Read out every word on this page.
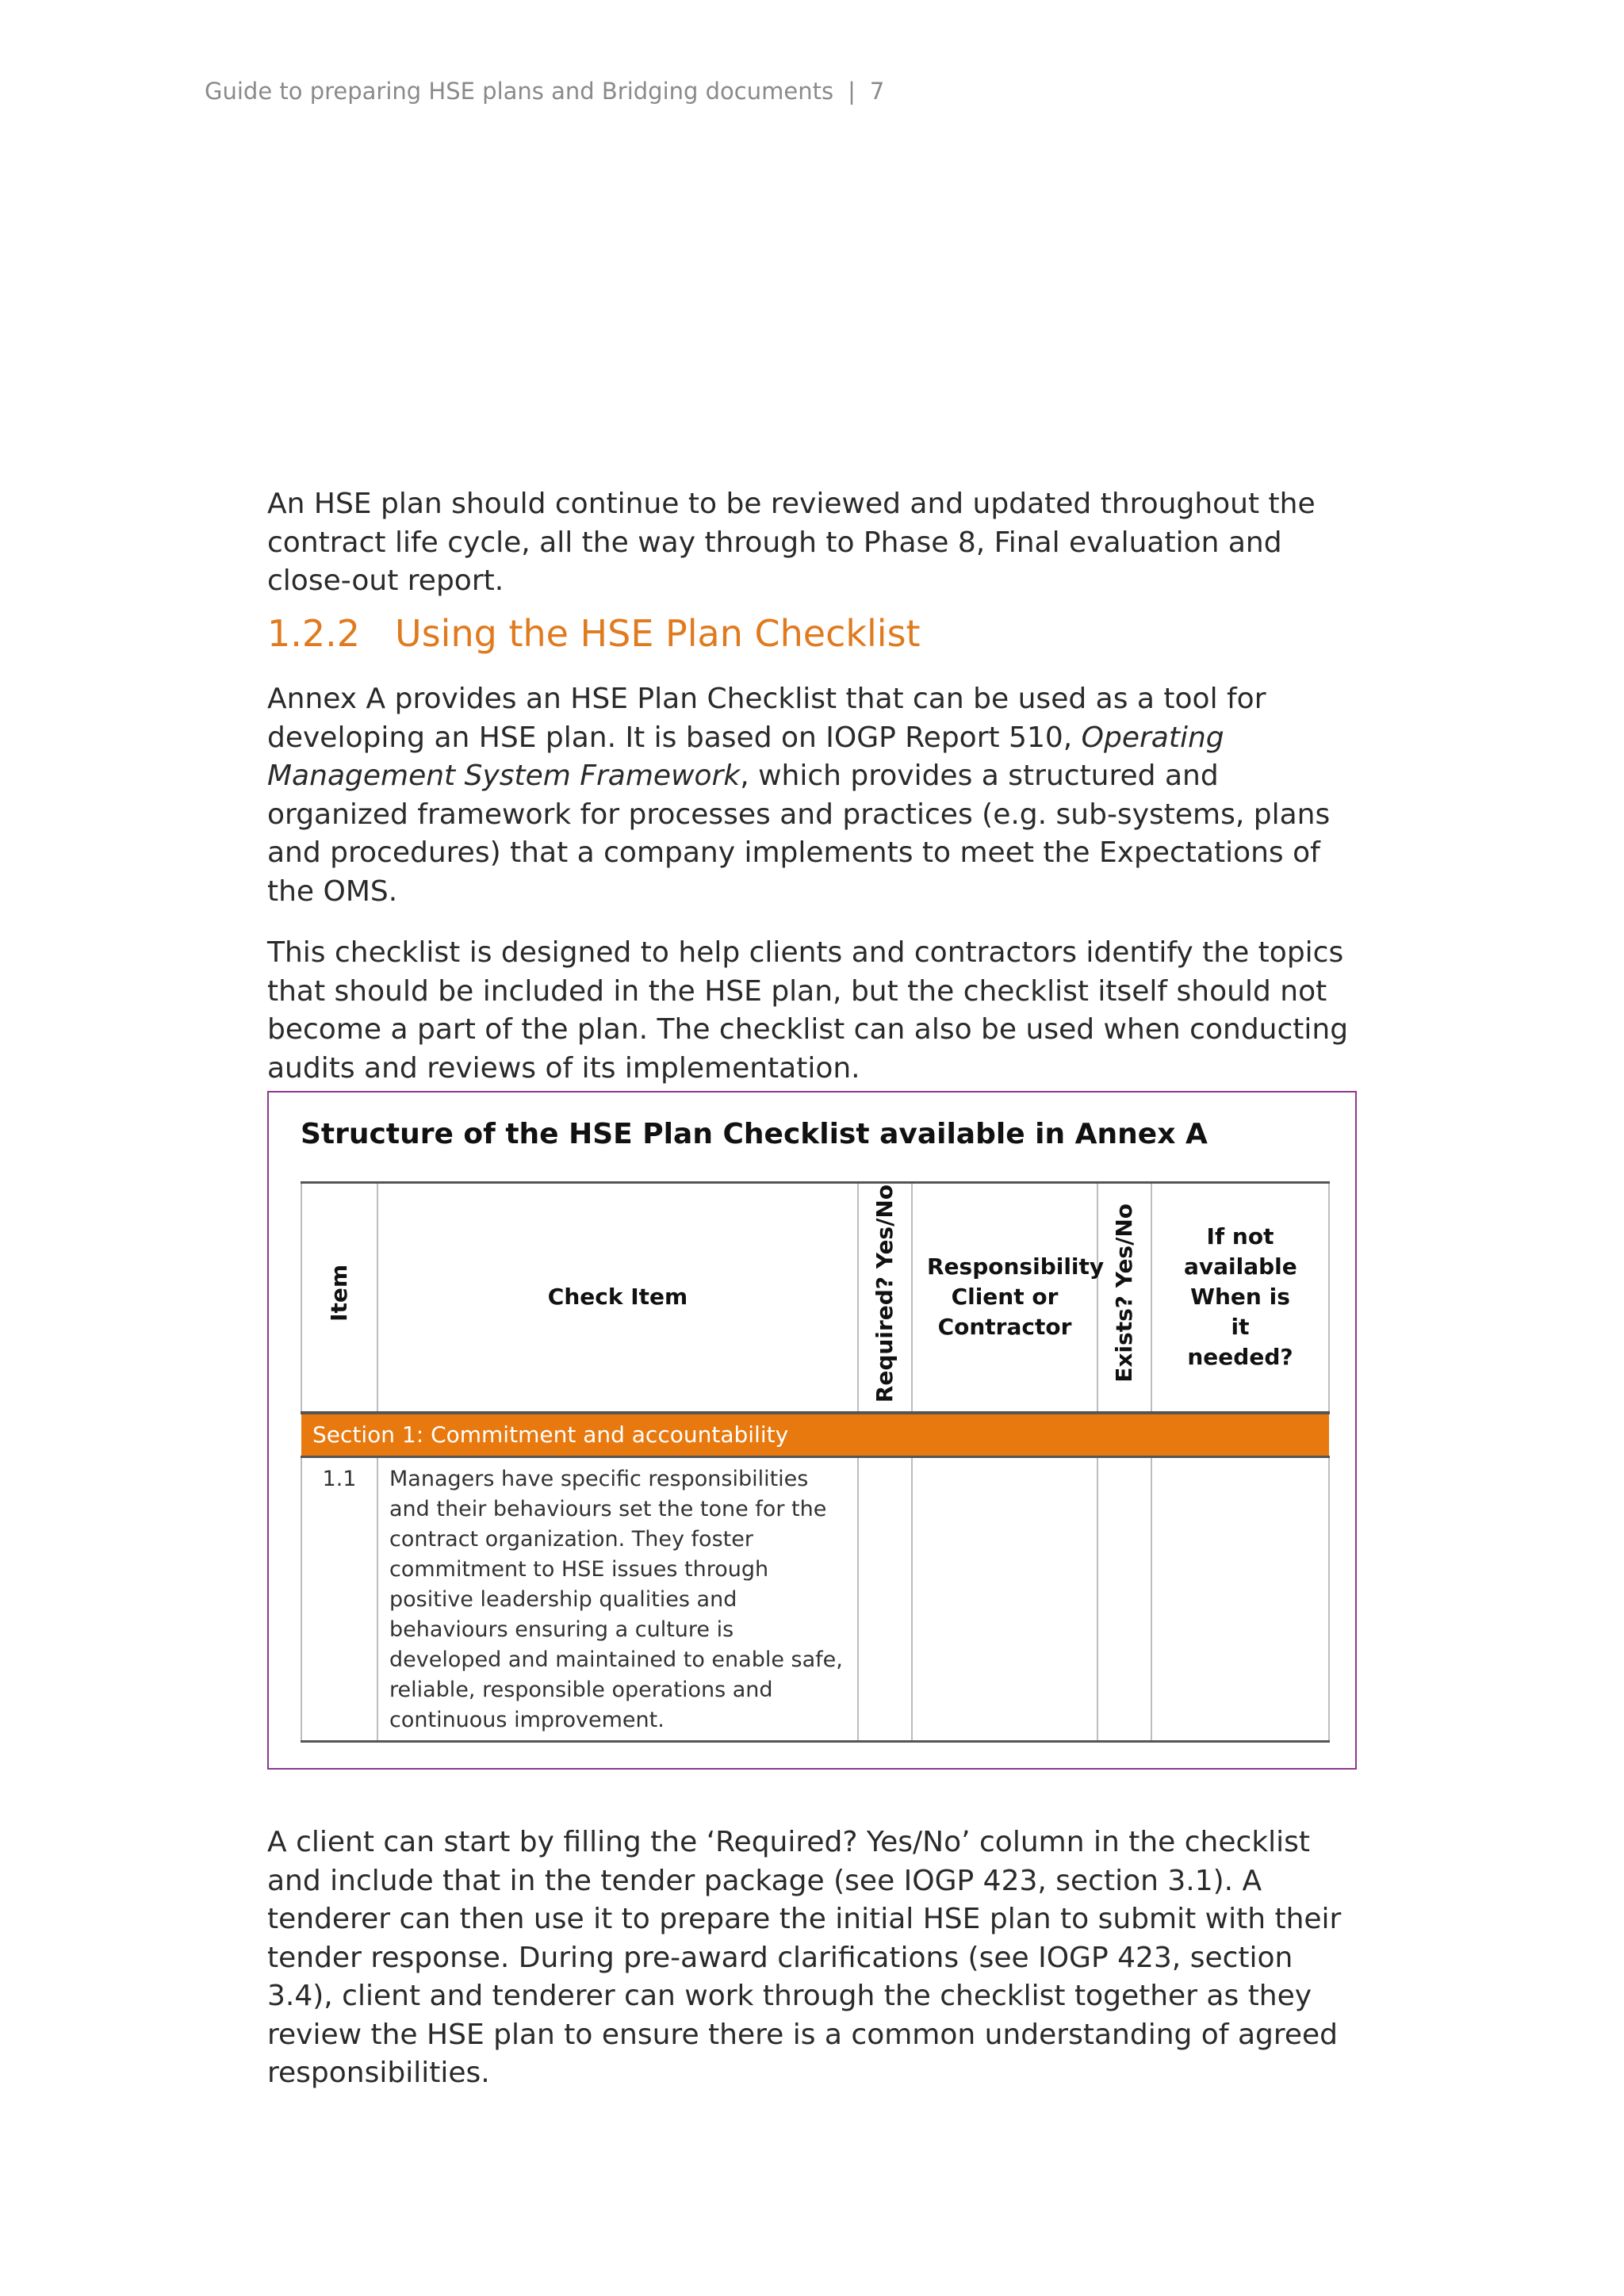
Guide to preparing HSE plans and Bridging documents | 7

An HSE plan should continue to be reviewed and updated throughout the contract life cycle, all the way through to Phase 8, Final evaluation and close-out report.

1.2.2 Using the HSE Plan Checklist

Annex A provides an HSE Plan Checklist that can be used as a tool for developing an HSE plan. It is based on IOGP Report 510, Operating Management System Framework, which provides a structured and organized framework for processes and practices (e.g. sub-systems, plans and procedures) that a company implements to meet the Expectations of the OMS.

This checklist is designed to help clients and contractors identify the topics that should be included in the HSE plan, but the checklist itself should not become a part of the plan. The checklist can also be used when conducting audits and reviews of its implementation.

Structure of the HSE Plan Checklist available in Annex A
Item	Check Item	Required? Yes/No	Responsibility Client or Contractor	Exists? Yes/No	If not available When is it needed?
Section 1: Commitment and accountability					
1.1	Managers have specific responsibilities and their behaviours set the tone for the contract organization. They foster commitment to HSE issues through positive leadership qualities and behaviours ensuring a culture is developed and maintained to enable safe, reliable, responsible operations and continuous improvement.				

A client can start by filling the ‘Required? Yes/No’ column in the checklist and include that in the tender package (see IOGP 423, section 3.1). A tenderer can then use it to prepare the initial HSE plan to submit with their tender response. During pre-award clarifications (see IOGP 423, section 3.4), client and tenderer can work through the checklist together as they review the HSE plan to ensure there is a common understanding of agreed responsibilities.
